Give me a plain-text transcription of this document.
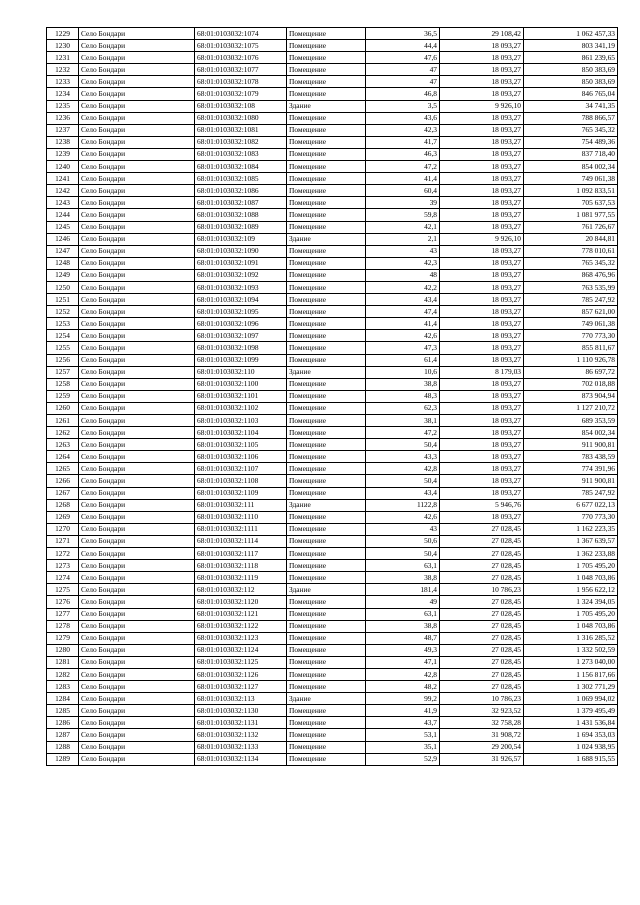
1229	Село Бондари	68:01:0103032:1074	Помещение	36,5	29 108,42	1 062 457,33
1230	Село Бондари	68:01:0103032:1075	Помещение	44,4	18 093,27	803 341,19
1231	Село Бондари	68:01:0103032:1076	Помещение	47,6	18 093,27	861 239,65
1232	Село Бондари	68:01:0103032:1077	Помещение	47	18 093,27	850 383,69
1233	Село Бондари	68:01:0103032:1078	Помещение	47	18 093,27	850 383,69
1234	Село Бондари	68:01:0103032:1079	Помещение	46,8	18 093,27	846 765,04
1235	Село Бондари	68:01:0103032:108	Здание	3,5	9 926,10	34 741,35
1236	Село Бондари	68:01:0103032:1080	Помещение	43,6	18 093,27	788 866,57
1237	Село Бондари	68:01:0103032:1081	Помещение	42,3	18 093,27	765 345,32
1238	Село Бондари	68:01:0103032:1082	Помещение	41,7	18 093,27	754 489,36
1239	Село Бондари	68:01:0103032:1083	Помещение	46,3	18 093,27	837 718,40
1240	Село Бондари	68:01:0103032:1084	Помещение	47,2	18 093,27	854 002,34
1241	Село Бондари	68:01:0103032:1085	Помещение	41,4	18 093,27	749 061,38
1242	Село Бондари	68:01:0103032:1086	Помещение	60,4	18 093,27	1 092 833,51
1243	Село Бондари	68:01:0103032:1087	Помещение	39	18 093,27	705 637,53
1244	Село Бондари	68:01:0103032:1088	Помещение	59,8	18 093,27	1 081 977,55
1245	Село Бондари	68:01:0103032:1089	Помещение	42,1	18 093,27	761 726,67
1246	Село Бондари	68:01:0103032:109	Здание	2,1	9 926,10	20 844,81
1247	Село Бондари	68:01:0103032:1090	Помещение	43	18 093,27	778 010,61
1248	Село Бондари	68:01:0103032:1091	Помещение	42,3	18 093,27	765 345,32
1249	Село Бондари	68:01:0103032:1092	Помещение	48	18 093,27	868 476,96
1250	Село Бондари	68:01:0103032:1093	Помещение	42,2	18 093,27	763 535,99
1251	Село Бондари	68:01:0103032:1094	Помещение	43,4	18 093,27	785 247,92
1252	Село Бондари	68:01:0103032:1095	Помещение	47,4	18 093,27	857 621,00
1253	Село Бондари	68:01:0103032:1096	Помещение	41,4	18 093,27	749 061,38
1254	Село Бондари	68:01:0103032:1097	Помещение	42,6	18 093,27	770 773,30
1255	Село Бондари	68:01:0103032:1098	Помещение	47,3	18 093,27	855 811,67
1256	Село Бондари	68:01:0103032:1099	Помещение	61,4	18 093,27	1 110 926,78
1257	Село Бондари	68:01:0103032:110	Здание	10,6	8 179,03	86 697,72
1258	Село Бондари	68:01:0103032:1100	Помещение	38,8	18 093,27	702 018,88
1259	Село Бондари	68:01:0103032:1101	Помещение	48,3	18 093,27	873 904,94
1260	Село Бондари	68:01:0103032:1102	Помещение	62,3	18 093,27	1 127 210,72
1261	Село Бондари	68:01:0103032:1103	Помещение	38,1	18 093,27	689 353,59
1262	Село Бондари	68:01:0103032:1104	Помещение	47,2	18 093,27	854 002,34
1263	Село Бондари	68:01:0103032:1105	Помещение	50,4	18 093,27	911 900,81
1264	Село Бондари	68:01:0103032:1106	Помещение	43,3	18 093,27	783 438,59
1265	Село Бондари	68:01:0103032:1107	Помещение	42,8	18 093,27	774 391,96
1266	Село Бондари	68:01:0103032:1108	Помещение	50,4	18 093,27	911 900,81
1267	Село Бондари	68:01:0103032:1109	Помещение	43,4	18 093,27	785 247,92
1268	Село Бондари	68:01:0103032:111	Здание	1122,8	5 946,76	6 677 022,13
1269	Село Бондари	68:01:0103032:1110	Помещение	42,6	18 093,27	770 773,30
1270	Село Бондари	68:01:0103032:1111	Помещение	43	27 028,45	1 162 223,35
1271	Село Бондари	68:01:0103032:1114	Помещение	50,6	27 028,45	1 367 639,57
1272	Село Бондари	68:01:0103032:1117	Помещение	50,4	27 028,45	1 362 233,88
1273	Село Бондари	68:01:0103032:1118	Помещение	63,1	27 028,45	1 705 495,20
1274	Село Бондари	68:01:0103032:1119	Помещение	38,8	27 028,45	1 048 703,86
1275	Село Бондари	68:01:0103032:112	Здание	181,4	10 786,23	1 956 622,12
1276	Село Бондари	68:01:0103032:1120	Помещение	49	27 028,45	1 324 394,05
1277	Село Бондари	68:01:0103032:1121	Помещение	63,1	27 028,45	1 705 495,20
1278	Село Бондари	68:01:0103032:1122	Помещение	38,8	27 028,45	1 048 703,86
1279	Село Бондари	68:01:0103032:1123	Помещение	48,7	27 028,45	1 316 285,52
1280	Село Бондари	68:01:0103032:1124	Помещение	49,3	27 028,45	1 332 502,59
1281	Село Бондари	68:01:0103032:1125	Помещение	47,1	27 028,45	1 273 040,00
1282	Село Бондари	68:01:0103032:1126	Помещение	42,8	27 028,45	1 156 817,66
1283	Село Бондари	68:01:0103032:1127	Помещение	48,2	27 028,45	1 302 771,29
1284	Село Бондари	68:01:0103032:113	Здание	99,2	10 786,23	1 069 994,02
1285	Село Бондари	68:01:0103032:1130	Помещение	41,9	32 923,52	1 379 495,49
1286	Село Бондари	68:01:0103032:1131	Помещение	43,7	32 758,28	1 431 536,84
1287	Село Бондари	68:01:0103032:1132	Помещение	53,1	31 908,72	1 694 353,03
1288	Село Бондари	68:01:0103032:1133	Помещение	35,1	29 200,54	1 024 938,95
1289	Село Бондари	68:01:0103032:1134	Помещение	52,9	31 926,57	1 688 915,55
